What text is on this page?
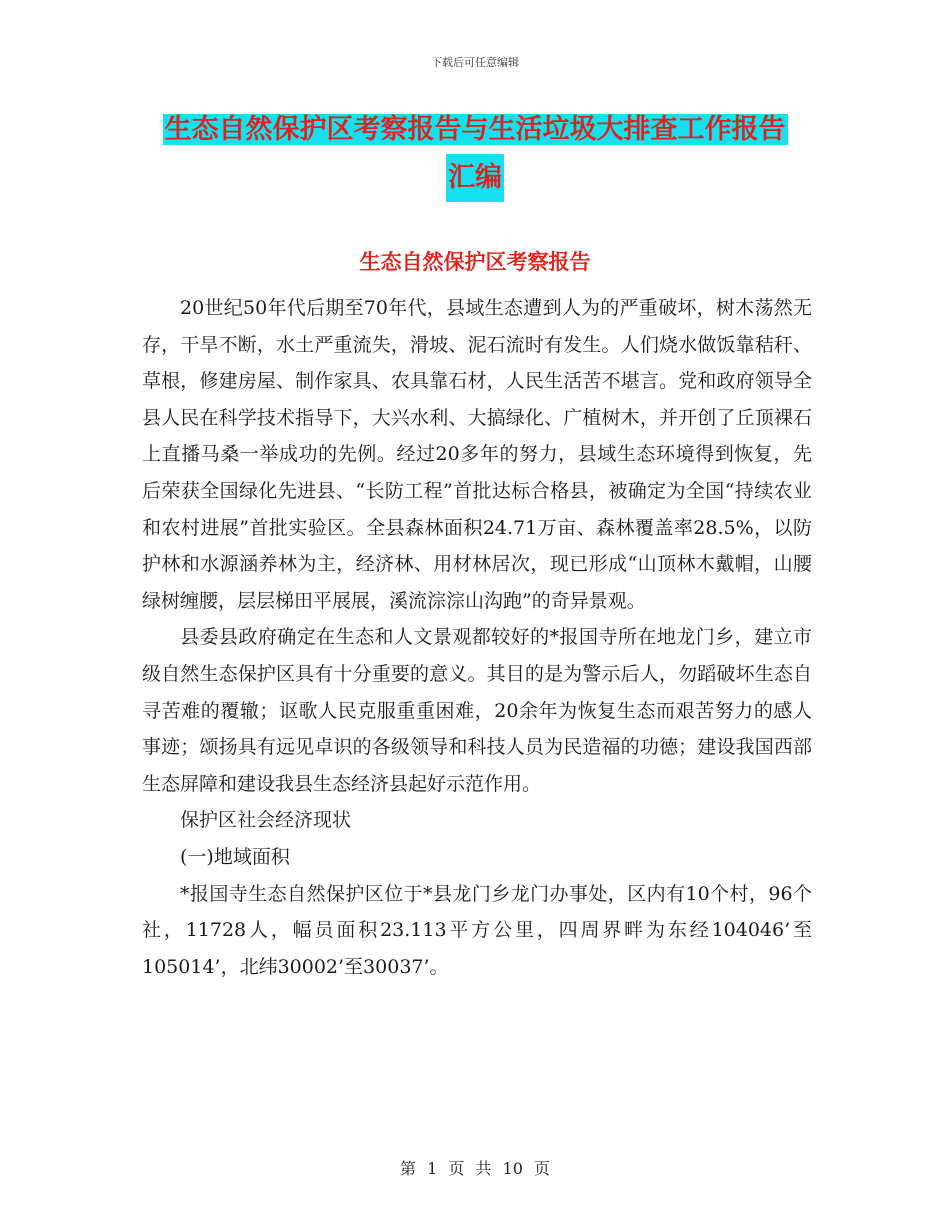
下载后可任意编辑
生态自然保护区考察报告与生活垃圾大排查工作报告
汇编
生态自然保护区考察报告

20世纪50年代后期至70年代，县域生态遭到人为的严重破坏，树木荡然无存，干旱不断，水土严重流失，滑坡、泥石流时有发生。人们烧水做饭靠秸秆、草根，修建房屋、制作家具、农具靠石材，人民生活苦不堪言。党和政府领导全县人民在科学技术指导下，大兴水利、大搞绿化、广植树木，并开创了丘顶裸石上直播马桑一举成功的先例。经过20多年的努力，县域生态环境得到恢复，先后荣获全国绿化先进县、“长防工程”首批达标合格县，被确定为全国“持续农业和农村进展”首批实验区。全县森林面积24.71万亩、森林覆盖率28.5%，以防护林和水源涵养林为主，经济林、用材林居次，现已形成“山顶林木戴帽，山腰绿树缠腰，层层梯田平展展，溪流淙淙山沟跑”的奇异景观。

县委县政府确定在生态和人文景观都较好的*报国寺所在地龙门乡，建立市级自然生态保护区具有十分重要的意义。其目的是为警示后人，勿蹈破坏生态自寻苦难的覆辙；讴歌人民克服重重困难，20余年为恢复生态而艰苦努力的感人事迹；颂扬具有远见卓识的各级领导和科技人员为民造福的功德；建设我国西部生态屏障和建设我县生态经济县起好示范作用。

保护区社会经济现状

(一)地域面积

*报国寺生态自然保护区位于*县龙门乡龙门办事处，区内有10个村，96个社，11728人，幅员面积23.113平方公里，四周界畔为东经104046’至105014’，北纬30002’至30037’。

第 1 页 共 10 页
